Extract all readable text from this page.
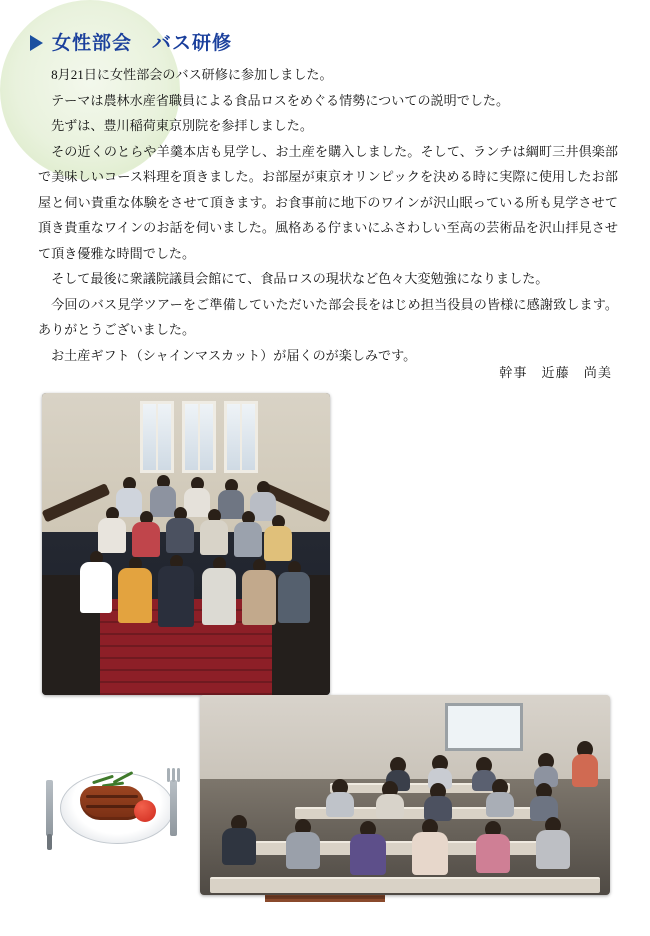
女性部会　バス研修

8月21日に女性部会のバス研修に参加しました。

テーマは農林水産省職員による食品ロスをめぐる情勢についての説明でした。

先ずは、豊川稲荷東京別院を参拝しました。

その近くのとらや羊羹本店も見学し、お土産を購入しました。そして、ランチは綱町三井倶楽部で美味しいコース料理を頂きました。お部屋が東京オリンピックを決める時に実際に使用したお部屋と伺い貴重な体験をさせて頂きます。お食事前に地下のワインが沢山眠っている所も見学させて頂き貴重なワインのお話を伺いました。風格ある佇まいにふさわしい至高の芸術品を沢山拝見させて頂き優雅な時間でした。

そして最後に衆議院議員会館にて、食品ロスの現状など色々大変勉強になりました。

今回のバス見学ツアーをご準備していただいた部会長をはじめ担当役員の皆様に感謝致します。ありがとうございました。

お土産ギフト（シャインマスカット）が届くのが楽しみです。

幹事　近藤　尚美
